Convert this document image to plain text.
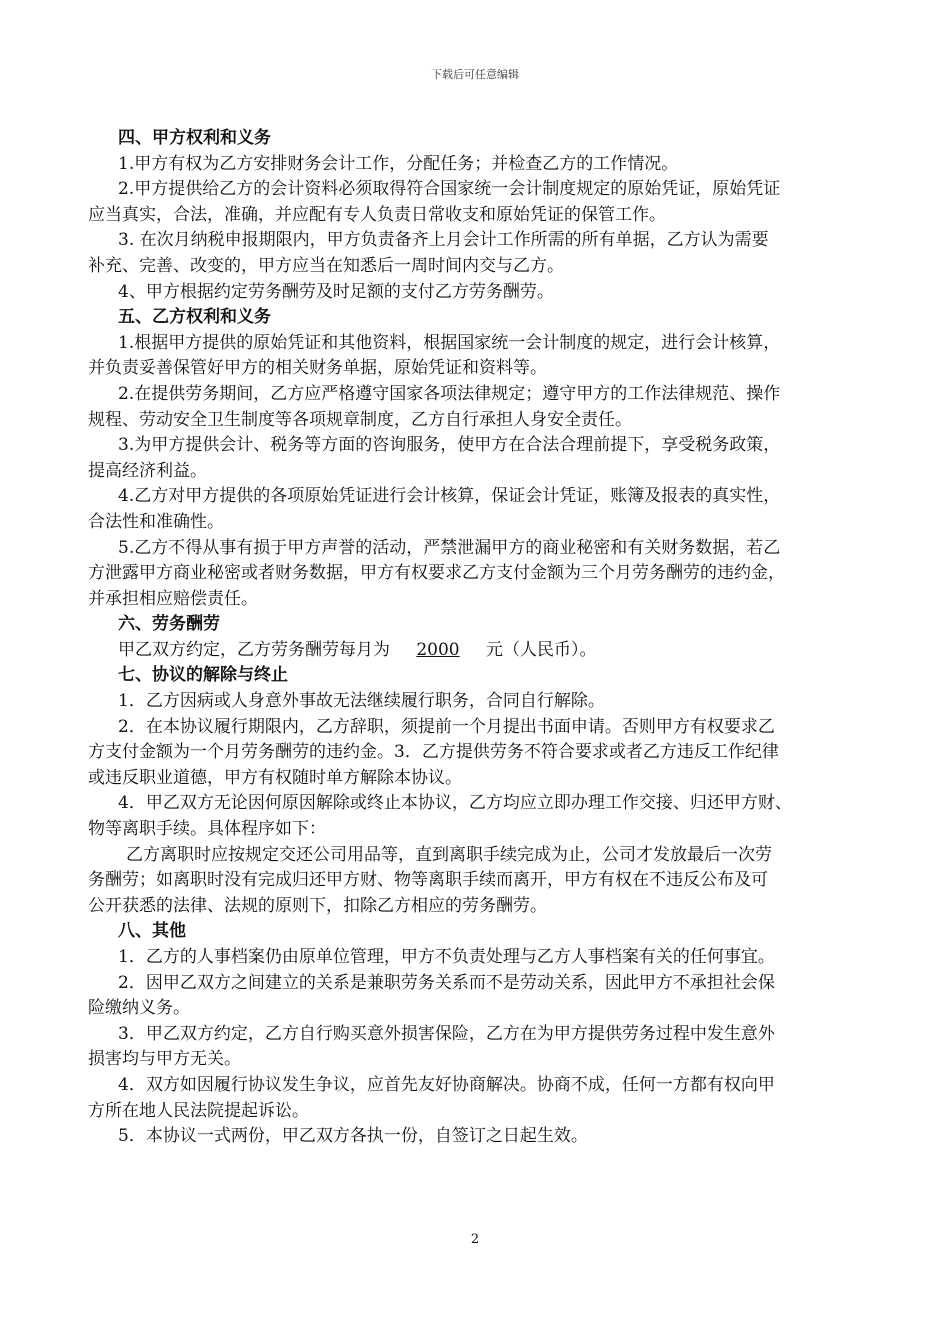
下载后可任意编辑
四、甲方权利和义务
1.甲方有权为乙方安排财务会计工作，分配任务；并检查乙方的工作情况。
2.甲方提供给乙方的会计资料必须取得符合国家统一会计制度规定的原始凭证，原始凭证
应当真实，合法，准确，并应配有专人负责日常收支和原始凭证的保管工作。
3. 在次月纳税申报期限内，甲方负责备齐上月会计工作所需的所有单据，乙方认为需要
补充、完善、改变的，甲方应当在知悉后一周时间内交与乙方。
4、甲方根据约定劳务酬劳及时足额的支付乙方劳务酬劳。
五、乙方权利和义务
1.根据甲方提供的原始凭证和其他资料，根据国家统一会计制度的规定，进行会计核算，
并负责妥善保管好甲方的相关财务单据，原始凭证和资料等。
2.在提供劳务期间，乙方应严格遵守国家各项法律规定；遵守甲方的工作法律规范、操作
规程、劳动安全卫生制度等各项规章制度，乙方自行承担人身安全责任。
3.为甲方提供会计、税务等方面的咨询服务，使甲方在合法合理前提下，享受税务政策，
提高经济利益。
4.乙方对甲方提供的各项原始凭证进行会计核算，保证会计凭证，账簿及报表的真实性，
合法性和准确性。
5.乙方不得从事有损于甲方声誉的活动，严禁泄漏甲方的商业秘密和有关财务数据，若乙
方泄露甲方商业秘密或者财务数据，甲方有权要求乙方支付金额为三个月劳务酬劳的违约金，
并承担相应赔偿责任。
六、劳务酬劳
甲乙双方约定，乙方劳务酬劳每月为 2000 元（人民币）。
七、协议的解除与终止
1．乙方因病或人身意外事故无法继续履行职务，合同自行解除。
2．在本协议履行期限内，乙方辞职，须提前一个月提出书面申请。否则甲方有权要求乙
方支付金额为一个月劳务酬劳的违约金。3．乙方提供劳务不符合要求或者乙方违反工作纪律
或违反职业道德，甲方有权随时单方解除本协议。
4．甲乙双方无论因何原因解除或终止本协议，乙方均应立即办理工作交接、归还甲方财、
物等离职手续。具体程序如下：
乙方离职时应按规定交还公司用品等，直到离职手续完成为止，公司才发放最后一次劳
务酬劳；如离职时没有完成归还甲方财、物等离职手续而离开，甲方有权在不违反公布及可
公开获悉的法律、法规的原则下，扣除乙方相应的劳务酬劳。
八、其他
1．乙方的人事档案仍由原单位管理，甲方不负责处理与乙方人事档案有关的任何事宜。
2．因甲乙双方之间建立的关系是兼职劳务关系而不是劳动关系，因此甲方不承担社会保
险缴纳义务。
3．甲乙双方约定，乙方自行购买意外损害保险，乙方在为甲方提供劳务过程中发生意外
损害均与甲方无关。
4．双方如因履行协议发生争议，应首先友好协商解决。协商不成，任何一方都有权向甲
方所在地人民法院提起诉讼。
5．本协议一式两份，甲乙双方各执一份，自签订之日起生效。
2
